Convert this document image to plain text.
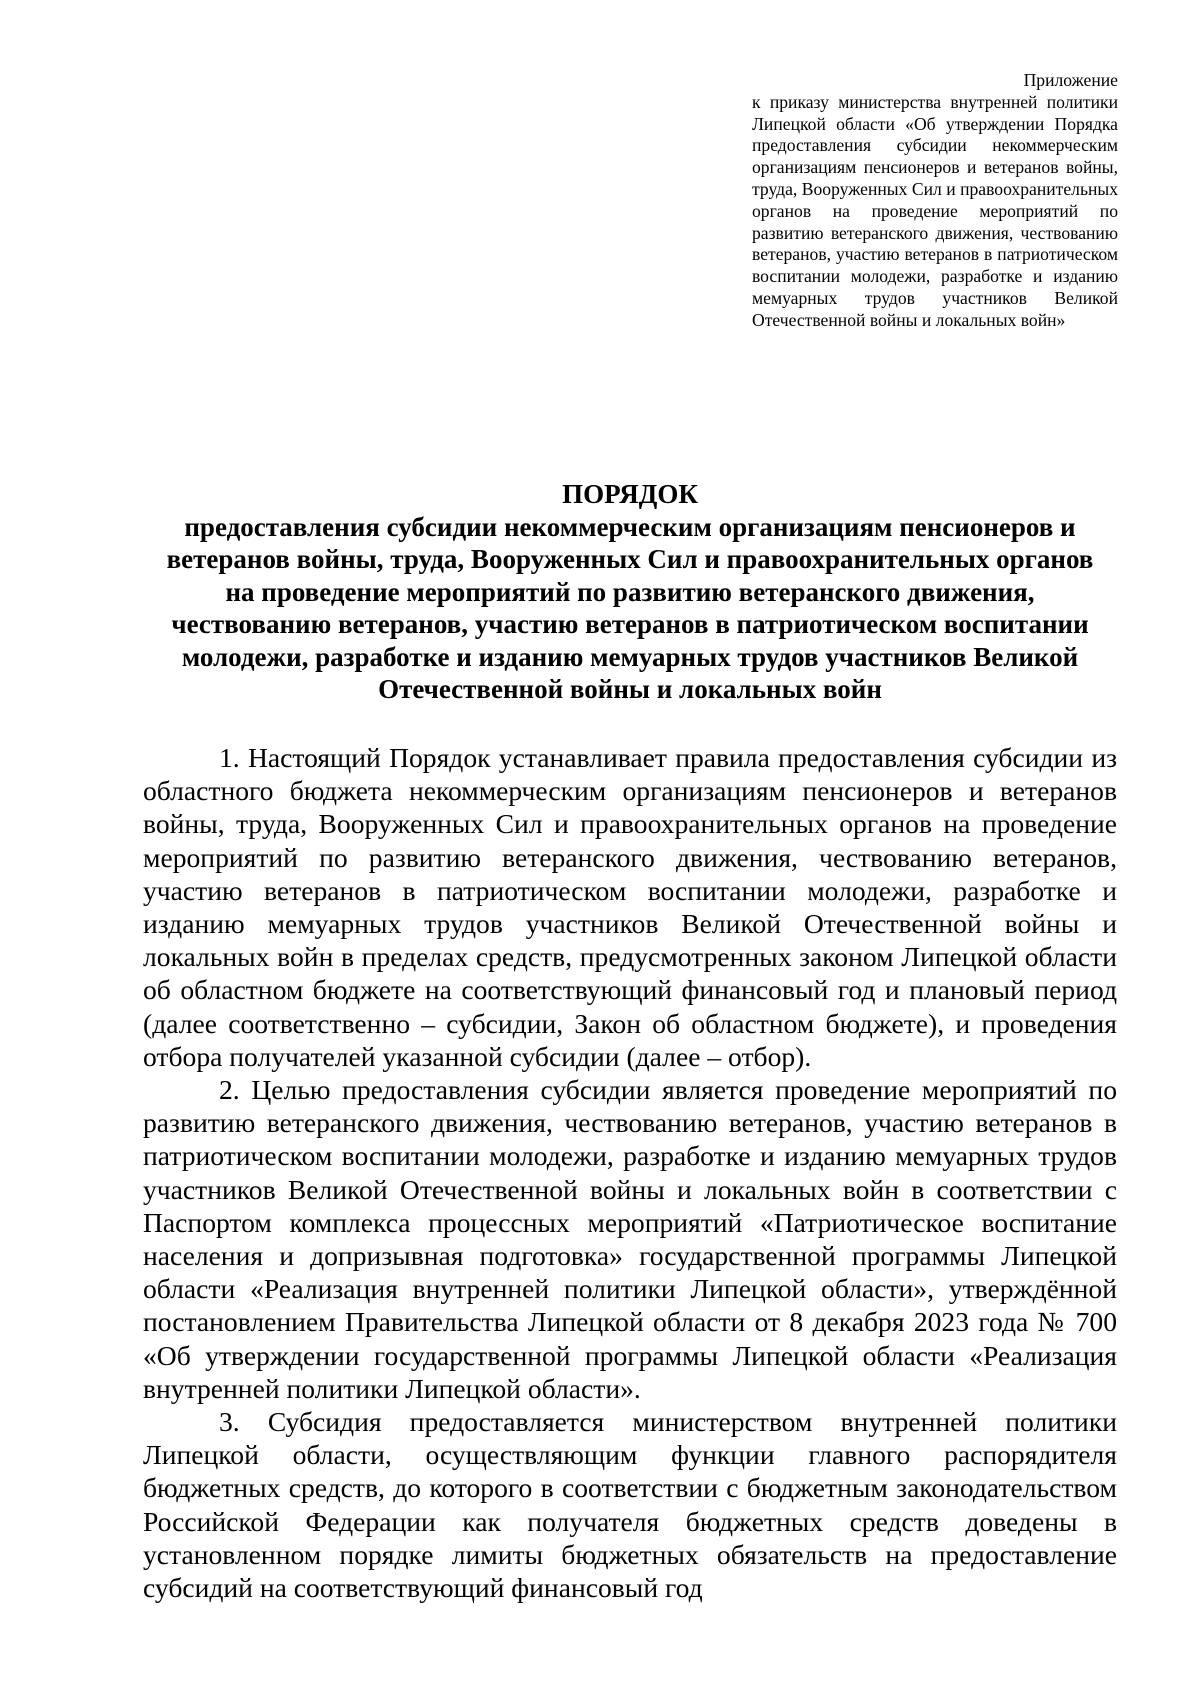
Приложение
к приказу министерства внутренней политики Липецкой области «Об утверждении Порядка предоставления субсидии некоммерческим организациям пенсионеров и ветеранов войны, труда, Вооруженных Сил и правоохранительных органов на проведение мероприятий по развитию ветеранского движения, чествованию ветеранов, участию ветеранов в патриотическом воспитании молодежи, разработке и изданию мемуарных трудов участников Великой Отечественной войны и локальных войн»
ПОРЯДОК
предоставления субсидии некоммерческим организациям пенсионеров и ветеранов войны, труда, Вооруженных Сил и правоохранительных органов на проведение мероприятий по развитию ветеранского движения, чествованию ветеранов, участию ветеранов в патриотическом воспитании молодежи, разработке и изданию мемуарных трудов участников Великой Отечественной войны и локальных войн

1. Настоящий Порядок устанавливает правила предоставления субсидии из областного бюджета некоммерческим организациям пенсионеров и ветеранов войны, труда, Вооруженных Сил и правоохранительных органов на проведение мероприятий по развитию ветеранского движения, чествованию ветеранов, участию ветеранов в патриотическом воспитании молодежи, разработке и изданию мемуарных трудов участников Великой Отечественной войны и локальных войн в пределах средств, предусмотренных законом Липецкой области об областном бюджете на соответствующий финансовый год и плановый период (далее соответственно – субсидии, Закон об областном бюджете), и проведения отбора получателей указанной субсидии (далее – отбор).

2. Целью предоставления субсидии является проведение мероприятий по развитию ветеранского движения, чествованию ветеранов, участию ветеранов в патриотическом воспитании молодежи, разработке и изданию мемуарных трудов участников Великой Отечественной войны и локальных войн в соответствии с Паспортом комплекса процессных мероприятий «Патриотическое воспитание населения и допризывная подготовка» государственной программы Липецкой области «Реализация внутренней политики Липецкой области», утверждённой постановлением Правительства Липецкой области от 8 декабря 2023 года № 700 «Об утверждении государственной программы Липецкой области «Реализация внутренней политики Липецкой области».

3. Субсидия предоставляется министерством внутренней политики Липецкой области, осуществляющим функции главного распорядителя бюджетных средств, до которого в соответствии с бюджетным законодательством Российской Федерации как получателя бюджетных средств доведены в установленном порядке лимиты бюджетных обязательств на предоставление субсидий на соответствующий финансовый год
